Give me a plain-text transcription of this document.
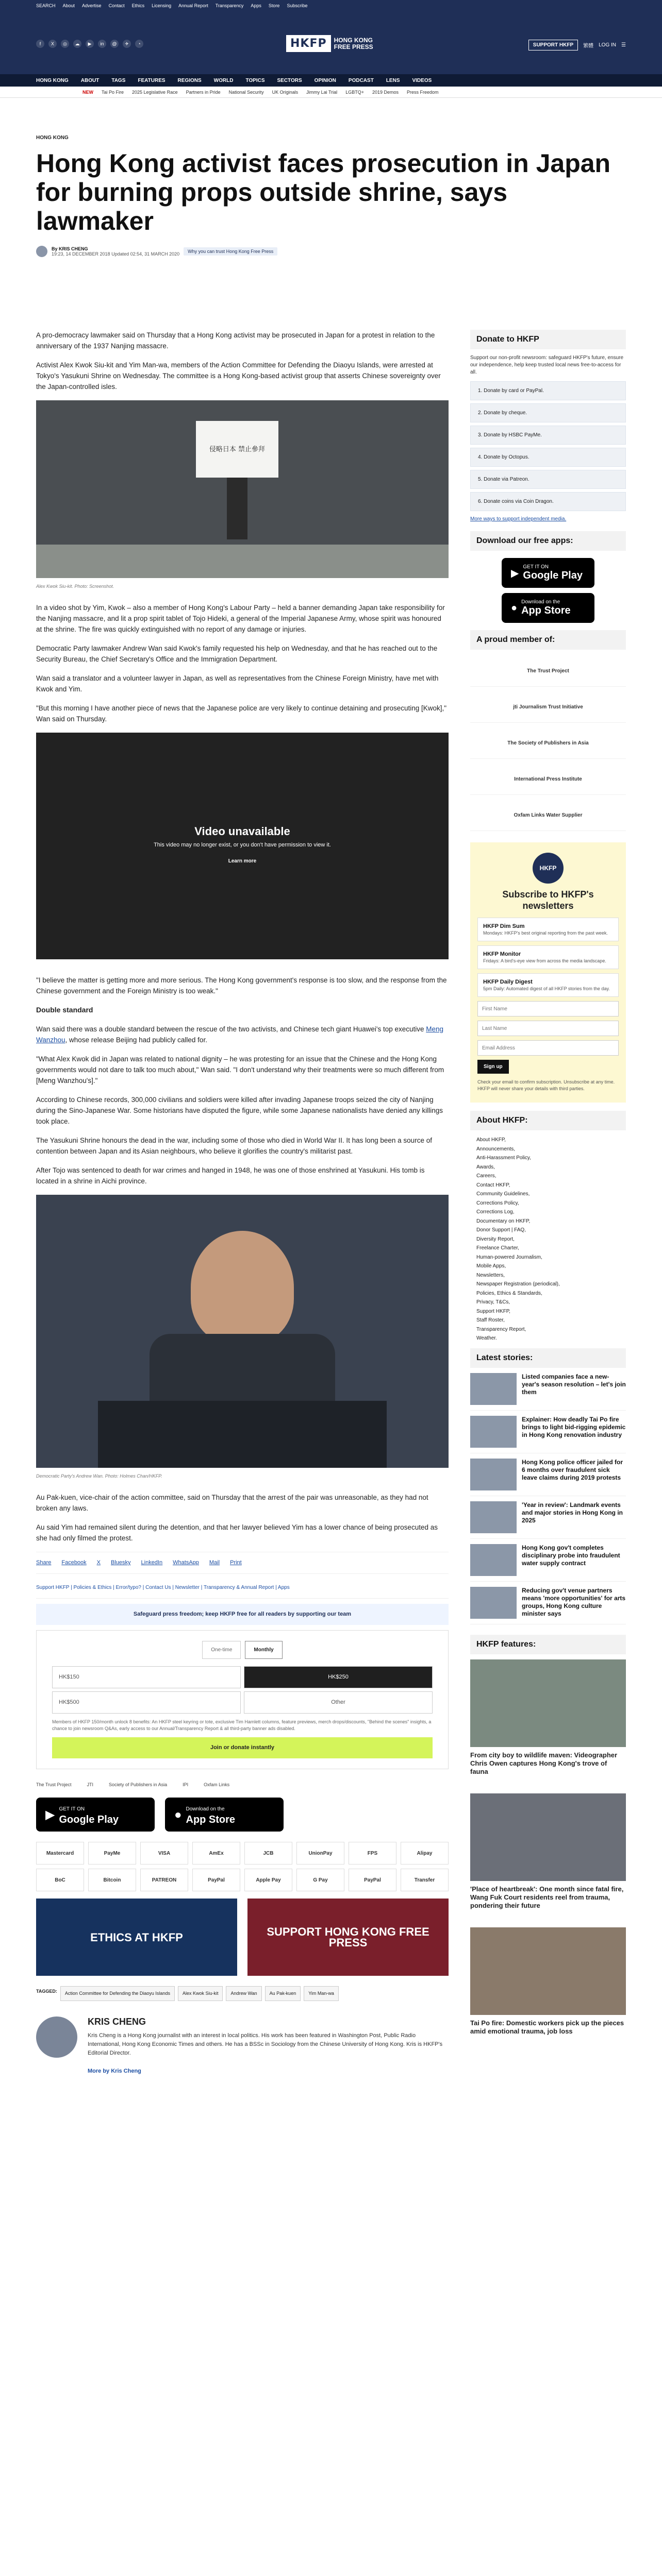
SEARCH About Advertise Contact Ethics Licensing Annual Report Transparency Apps Store Subscribe
f	X	◎	☁	▶	in	@	✈	◔	HKFP	HONG KONG
FREE PRESS	SUPPORT HKFP	繁體 LOG IN ☰
HONG KONG ABOUT TAGS FEATURES REGIONS WORLD TOPICS SECTORS OPINION PODCAST LENS VIDEOS
NEW Tai Po Fire 2025 Legislative Race Partners in Pride National Security UK Originals Jimmy Lai Trial LGBTQ+ 2019 Demos Press Freedom
HONG KONG
Hong Kong activist faces prosecution in Japan for burning props outside shrine, says lawmaker
By KRIS CHENG
19:23, 14 DECEMBER 2018 Updated 02:54, 31 MARCH 2020	Why you can trust Hong Kong Free Press

A pro-democracy lawmaker said on Thursday that a Hong Kong activist may be prosecuted in Japan for a protest in relation to the anniversary of the 1937 Nanjing massacre.

Activist Alex Kwok Siu-kit and Yim Man-wa, members of the Action Committee for Defending the Diaoyu Islands, were arrested at Tokyo's Yasukuni Shrine on Wednesday. The committee is a Hong Kong-based activist group that asserts Chinese sovereignty over the Japan-controlled isles.

侵略日本 禁止參拜
Alex Kwok Siu-kit. Photo: Screenshot.

In a video shot by Yim, Kwok – also a member of Hong Kong's Labour Party – held a banner demanding Japan take responsibility for the Nanjing massacre, and lit a prop spirit tablet of Tojo Hideki, a general of the Imperial Japanese Army, whose spirit was honoured at the shrine. The fire was quickly extinguished with no report of any damage or injuries.

Democratic Party lawmaker Andrew Wan said Kwok's family requested his help on Wednesday, and that he has reached out to the Security Bureau, the Chief Secretary's Office and the Immigration Department.

Wan said a translator and a volunteer lawyer in Japan, as well as representatives from the Chinese Foreign Ministry, have met with Kwok and Yim.

"But this morning I have another piece of news that the Japanese police are very likely to continue detaining and prosecuting [Kwok]," Wan said on Thursday.

Video unavailable
This video may no longer exist, or you don't have permission to view it.
Learn more

"I believe the matter is getting more and more serious. The Hong Kong government's response is too slow, and the response from the Chinese government and the Foreign Ministry is too weak."

Double standard

Wan said there was a double standard between the rescue of the two activists, and Chinese tech giant Huawei's top executive Meng Wanzhou, whose release Beijing had publicly called for.

"What Alex Kwok did in Japan was related to national dignity – he was protesting for an issue that the Chinese and the Hong Kong governments would not dare to talk too much about," Wan said. "I don't understand why their treatments were so much different from [Meng Wanzhou's]."

According to Chinese records, 300,000 civilians and soldiers were killed after invading Japanese troops seized the city of Nanjing during the Sino-Japanese War. Some historians have disputed the figure, while some Japanese nationalists have denied any killings took place.

The Yasukuni Shrine honours the dead in the war, including some of those who died in World War II. It has long been a source of contention between Japan and its Asian neighbours, who believe it glorifies the country's militarist past.

After Tojo was sentenced to death for war crimes and hanged in 1948, he was one of those enshrined at Yasukuni. His tomb is located in a shrine in Aichi province.

Democratic Party's Andrew Wan. Photo: Holmes Chan/HKFP.

Au Pak-kuen, vice-chair of the action committee, said on Thursday that the arrest of the pair was unreasonable, as they had not broken any laws.

Au said Yim had remained silent during the detention, and that her lawyer believed Yim has a lower chance of being prosecuted as she had only filmed the protest.

Share Facebook X Bluesky LinkedIn WhatsApp Mail Print
Support HKFP | Policies & Ethics | Error/typo? | Contact Us | Newsletter | Transparency & Annual Report | Apps
Safeguard press freedom; keep HKFP free for all readers by supporting our team
One-time	Monthly
HK$150	HK$250
HK$500	Other
Members of HKFP 150/month unlock 8 benefits: An HKFP steel keyring or tote, exclusive Tim Hamlett columns, feature previews, merch drops/discounts, "Behind the scenes" insights, a chance to join newsroom Q&As, early access to our Annual/Transparency Report & all third-party banner ads disabled.
Join or donate instantly
The Trust Project	JTI	Society of Publishers in Asia	IPI	Oxfam Links
▶ GET IT ON
Google Play	● Download on the
App Store
Mastercard	PayMe	VISA	AmEx	JCB	UnionPay	FPS	Alipay
BoC	Bitcoin	PATREON	PayPal	Apple Pay	G Pay	PayPal	Transfer
ETHICS AT HKFP	SUPPORT HONG KONG FREE PRESS
TAGGED:	Action Committee for Defending the Diaoyu Islands	Alex Kwok Siu-kit	Andrew Wan	Au Pak-kuen	Yim Man-wa
KRIS CHENG

Kris Cheng is a Hong Kong journalist with an interest in local politics. His work has been featured in Washington Post, Public Radio International, Hong Kong Economic Times and others. He has a BSSc in Sociology from the Chinese University of Hong Kong. Kris is HKFP's Editorial Director.

More by Kris Cheng
Donate to HKFP
Support our non-profit newsroom: safeguard HKFP's future, ensure our independence, help keep trusted local news free-to-access for all.
1. Donate by card or PayPal.
2. Donate by cheque.
3. Donate by HSBC PayMe.
4. Donate by Octopus.
5. Donate via Patreon.
6. Donate coins via Coin Dragon.
More ways to support independent media.
Download our free apps:
▶
GET IT ON
Google Play
● Download on the
App Store
A proud member of:
The Trust Project
jti Journalism Trust Initiative
The Society of Publishers in Asia
International Press Institute
Oxfam Links Water Supplier
HKFP
Subscribe to HKFP's newsletters
HKFP Dim Sum
Mondays: HKFP's best original reporting from the past week.
HKFP Monitor
Fridays: A bird's-eye view from across the media landscape.
HKFP Daily Digest
5pm Daily: Automated digest of all HKFP stories from the day.
First Name Last Name Email Address Sign up
Check your email to confirm subscription. Unsubscribe at any time. HKFP will never share your details with third parties.
About HKFP:
About HKFP,
Announcements,
Anti-Harassment Policy,
Awards,
Careers,
Contact HKFP,
Community Guidelines,
Corrections Policy,
Corrections Log,
Documentary on HKFP,
Donor Support | FAQ,
Diversity Report,
Freelance Charter,
Human-powered Journalism,
Mobile Apps,
Newsletters,
Newspaper Registration (periodical),
Policies, Ethics & Standards,
Privacy, T&Cs,
Support HKFP,
Staff Roster,
Transparency Report,
Weather.
Latest stories:
Listed companies face a new-year's season resolution – let's join them
Explainer: How deadly Tai Po fire brings to light bid-rigging epidemic in Hong Kong renovation industry
Hong Kong police officer jailed for 6 months over fraudulent sick leave claims during 2019 protests
'Year in review': Landmark events and major stories in Hong Kong in 2025
Hong Kong gov't completes disciplinary probe into fraudulent water supply contract
Reducing gov't venue partners means 'more opportunities' for arts groups, Hong Kong culture minister says
HKFP features:
From city boy to wildlife maven: Videographer Chris Owen captures Hong Kong's trove of fauna
'Place of heartbreak': One month since fatal fire, Wang Fuk Court residents reel from trauma, pondering their future
Tai Po fire: Domestic workers pick up the pieces amid emotional trauma, job loss
